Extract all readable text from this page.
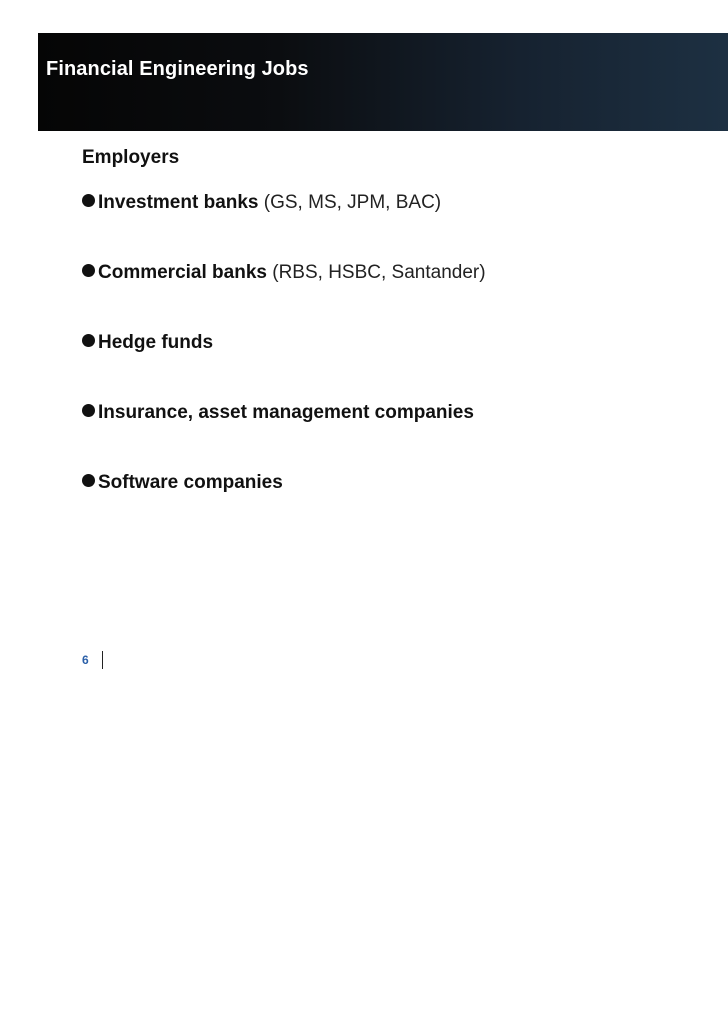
Financial Engineering Jobs
Employers
Investment banks (GS, MS, JPM, BAC)
Commercial banks (RBS, HSBC, Santander)
Hedge funds
Insurance, asset management companies
Software companies
6
